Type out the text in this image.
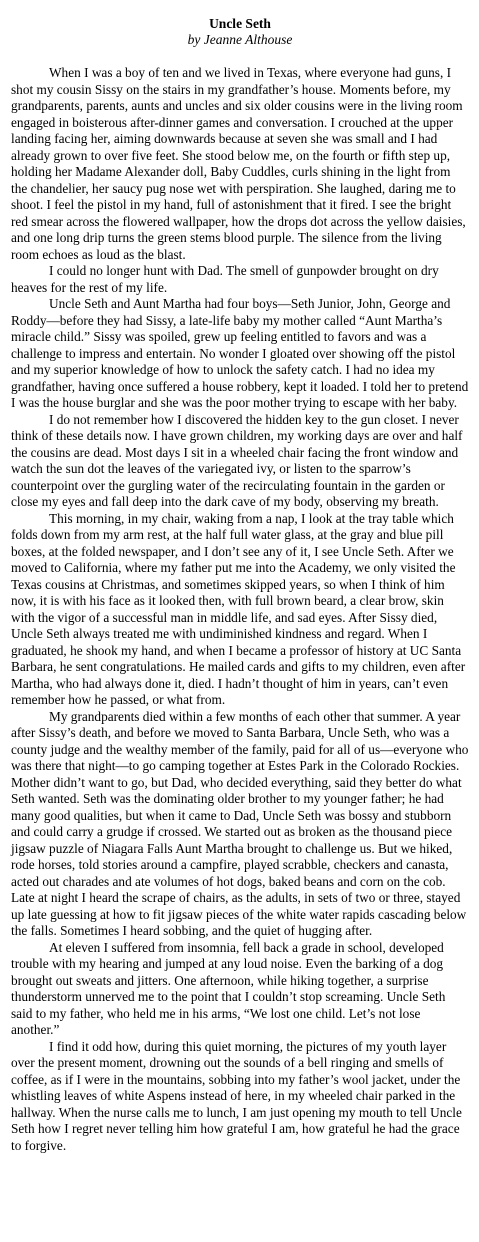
Uncle Seth
by Jeanne Althouse

When I was a boy of ten and we lived in Texas, where everyone had guns, I shot my cousin Sissy on the stairs in my grandfather’s house. Moments before, my grandparents, parents, aunts and uncles and six older cousins were in the living room engaged in boisterous after-dinner games and conversation. I crouched at the upper landing facing her, aiming downwards because at seven she was small and I had already grown to over five feet. She stood below me, on the fourth or fifth step up, holding her Madame Alexander doll, Baby Cuddles, curls shining in the light from the chandelier, her saucy pug nose wet with perspiration. She laughed, daring me to shoot. I feel the pistol in my hand, full of astonishment that it fired. I see the bright red smear across the flowered wallpaper, how the drops dot across the yellow daisies, and one long drip turns the green stems blood purple. The silence from the living room echoes as loud as the blast.

I could no longer hunt with Dad. The smell of gunpowder brought on dry heaves for the rest of my life.

Uncle Seth and Aunt Martha had four boys—Seth Junior, John, George and Roddy—before they had Sissy, a late-life baby my mother called “Aunt Martha’s miracle child.” Sissy was spoiled, grew up feeling entitled to favors and was a challenge to impress and entertain. No wonder I gloated over showing off the pistol and my superior knowledge of how to unlock the safety catch. I had no idea my grandfather, having once suffered a house robbery, kept it loaded. I told her to pretend I was the house burglar and she was the poor mother trying to escape with her baby.

I do not remember how I discovered the hidden key to the gun closet. I never think of these details now. I have grown children, my working days are over and half the cousins are dead. Most days I sit in a wheeled chair facing the front window and watch the sun dot the leaves of the variegated ivy, or listen to the sparrow’s counterpoint over the gurgling water of the recirculating fountain in the garden or close my eyes and fall deep into the dark cave of my body, observing my breath.

This morning, in my chair, waking from a nap, I look at the tray table which folds down from my arm rest, at the half full water glass, at the gray and blue pill boxes, at the folded newspaper, and I don’t see any of it, I see Uncle Seth. After we moved to California, where my father put me into the Academy, we only visited the Texas cousins at Christmas, and sometimes skipped years, so when I think of him now, it is with his face as it looked then, with full brown beard, a clear brow, skin with the vigor of a successful man in middle life, and sad eyes. After Sissy died, Uncle Seth always treated me with undiminished kindness and regard. When I graduated, he shook my hand, and when I became a professor of history at UC Santa Barbara, he sent congratulations. He mailed cards and gifts to my children, even after Martha, who had always done it, died. I hadn’t thought of him in years, can’t even remember how he passed, or what from.

My grandparents died within a few months of each other that summer. A year after Sissy’s death, and before we moved to Santa Barbara, Uncle Seth, who was a county judge and the wealthy member of the family, paid for all of us—everyone who was there that night—to go camping together at Estes Park in the Colorado Rockies. Mother didn’t want to go, but Dad, who decided everything, said they better do what Seth wanted. Seth was the dominating older brother to my younger father; he had many good qualities, but when it came to Dad, Uncle Seth was bossy and stubborn and could carry a grudge if crossed. We started out as broken as the thousand piece jigsaw puzzle of Niagara Falls Aunt Martha brought to challenge us. But we hiked, rode horses, told stories around a campfire, played scrabble, checkers and canasta, acted out charades and ate volumes of hot dogs, baked beans and corn on the cob. Late at night I heard the scrape of chairs, as the adults, in sets of two or three, stayed up late guessing at how to fit jigsaw pieces of the white water rapids cascading below the falls. Sometimes I heard sobbing, and the quiet of hugging after.

At eleven I suffered from insomnia, fell back a grade in school, developed trouble with my hearing and jumped at any loud noise. Even the barking of a dog brought out sweats and jitters. One afternoon, while hiking together, a surprise thunderstorm unnerved me to the point that I couldn’t stop screaming. Uncle Seth said to my father, who held me in his arms, “We lost one child. Let’s not lose another.”

I find it odd how, during this quiet morning, the pictures of my youth layer over the present moment, drowning out the sounds of a bell ringing and smells of coffee, as if I were in the mountains, sobbing into my father’s wool jacket, under the whistling leaves of white Aspens instead of here, in my wheeled chair parked in the hallway. When the nurse calls me to lunch, I am just opening my mouth to tell Uncle Seth how I regret never telling him how grateful I am, how grateful he had the grace to forgive.
